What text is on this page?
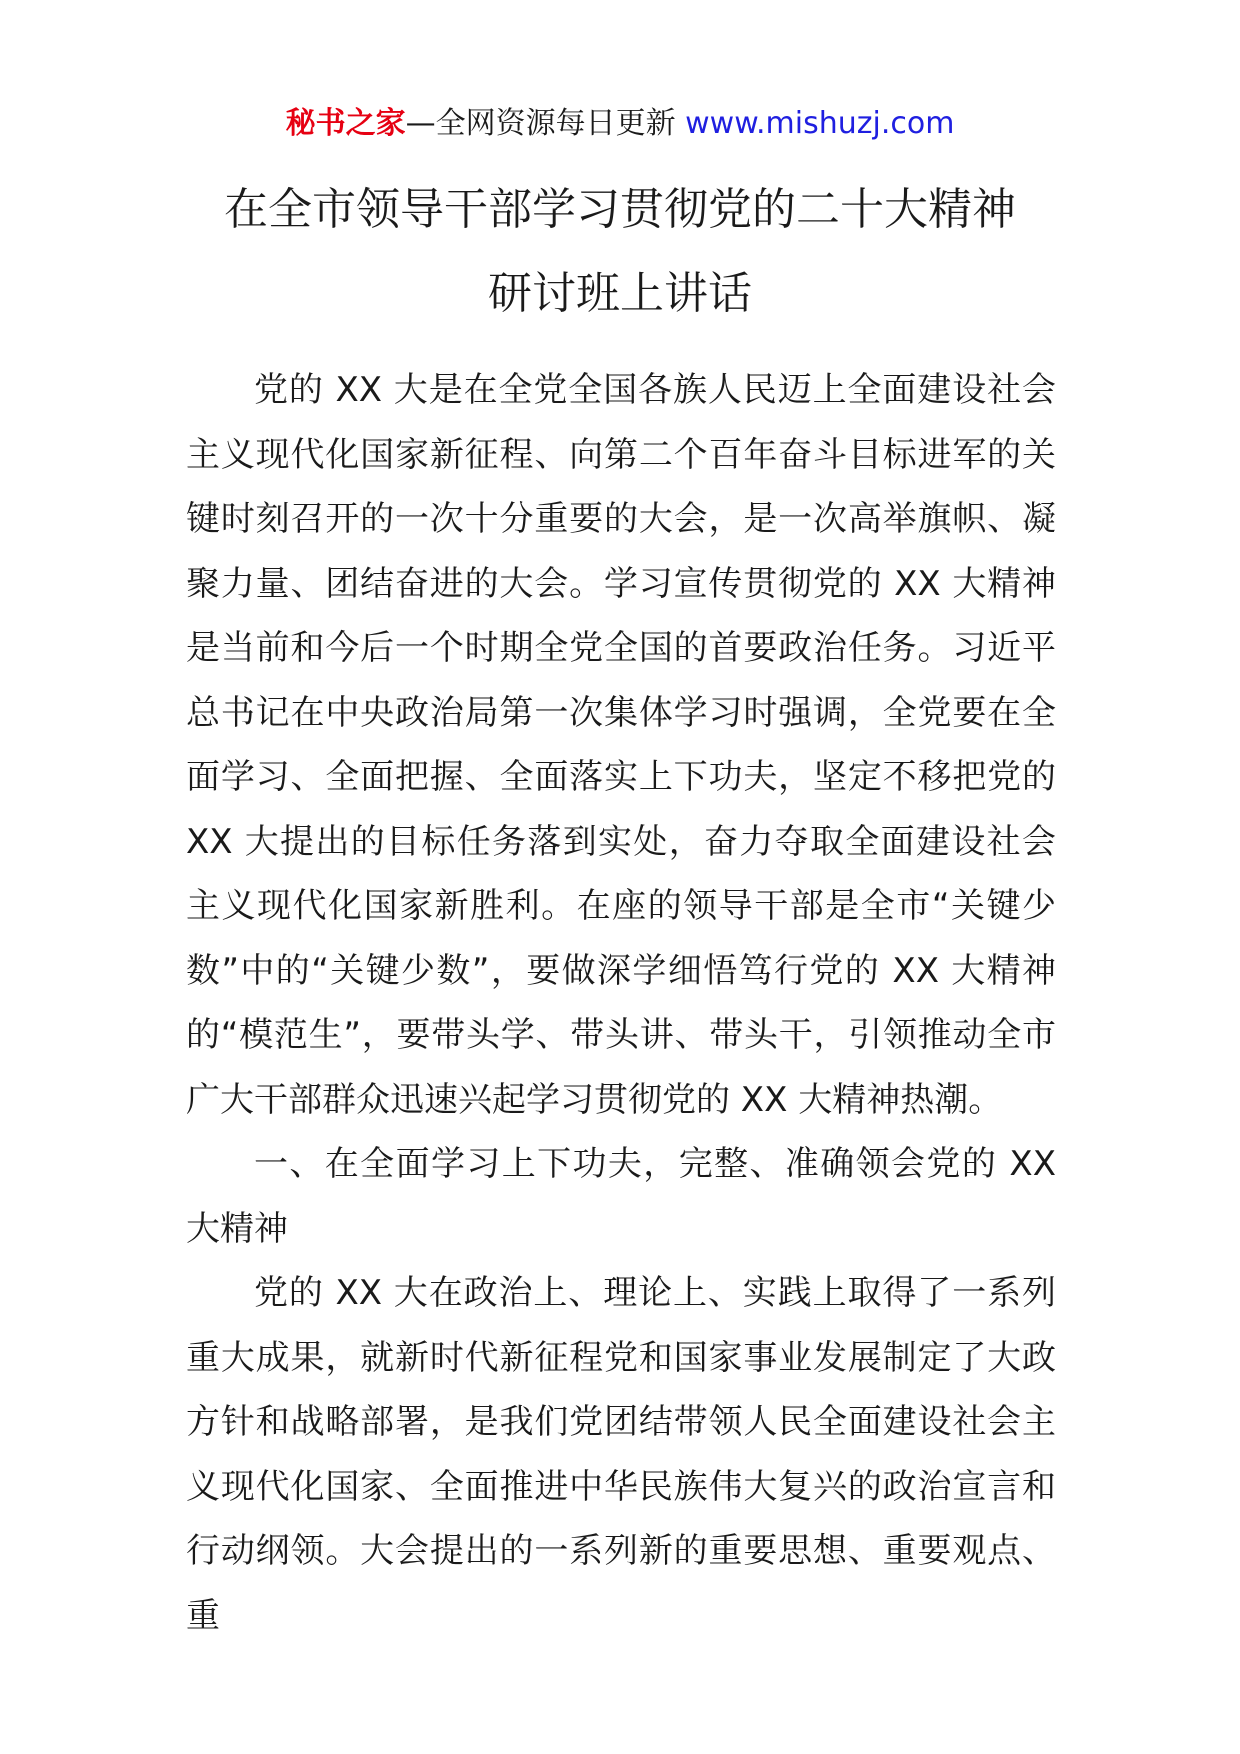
秘书之家—全网资源每日更新 www.mishuzj.com
在全市领导干部学习贯彻党的二十大精神
研讨班上讲话

党的 XX 大是在全党全国各族人民迈上全面建设社会主义现代化国家新征程、向第二个百年奋斗目标进军的关键时刻召开的一次十分重要的大会，是一次高举旗帜、凝聚力量、团结奋进的大会。学习宣传贯彻党的 XX 大精神是当前和今后一个时期全党全国的首要政治任务。习近平总书记在中央政治局第一次集体学习时强调，全党要在全面学习、全面把握、全面落实上下功夫，坚定不移把党的 XX 大提出的目标任务落到实处，奋力夺取全面建设社会主义现代化国家新胜利。在座的领导干部是全市“关键少数”中的“关键少数”，要做深学细悟笃行党的 XX 大精神的“模范生”，要带头学、带头讲、带头干，引领推动全市广大干部群众迅速兴起学习贯彻党的 XX 大精神热潮。

一、在全面学习上下功夫，完整、准确领会党的 XX 大精神

党的 XX 大在政治上、理论上、实践上取得了一系列重大成果，就新时代新征程党和国家事业发展制定了大政方针和战略部署，是我们党团结带领人民全面建设社会主义现代化国家、全面推进中华民族伟大复兴的政治宣言和行动纲领。大会提出的一系列新的重要思想、重要观点、重
